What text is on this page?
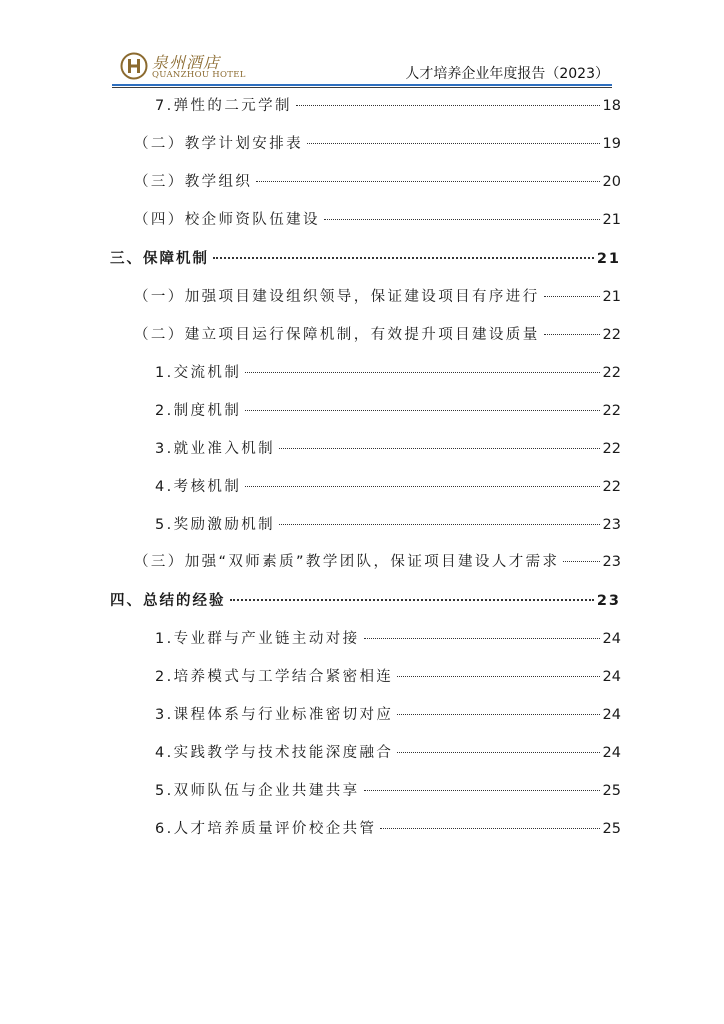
泉州酒店
QUANZHOU HOTEL	人才培养企业年度报告（2023）
7.弹性的二元学制	18
（二）教学计划安排表	19
（三）教学组织	20
（四）校企师资队伍建设	21
三、保障机制	21
（一）加强项目建设组织领导，保证建设项目有序进行	21
（二）建立项目运行保障机制，有效提升项目建设质量	22
1.交流机制	22
2.制度机制	22
3.就业准入机制	22
4.考核机制	22
5.奖励激励机制	23
（三）加强“双师素质”教学团队，保证项目建设人才需求	23
四、总结的经验	23
1.专业群与产业链主动对接	24
2.培养模式与工学结合紧密相连	24
3.课程体系与行业标准密切对应	24
4.实践教学与技术技能深度融合	24
5.双师队伍与企业共建共享	25
6.人才培养质量评价校企共管	25
